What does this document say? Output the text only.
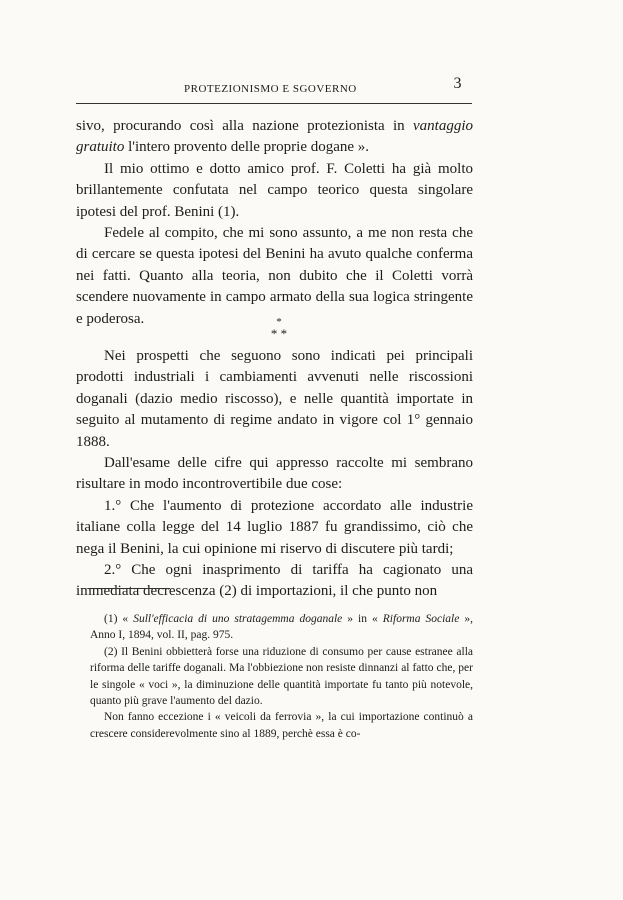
PROTEZIONISMO E SGOVERNO	3

sivo, procurando così alla nazione protezionista in vantaggio gratuito l'intero provento delle proprie dogane ».

Il mio ottimo e dotto amico prof. F. Coletti ha già molto brillantemente confutata nel campo teorico questa singolare ipotesi del prof. Benini (1).

Fedele al compito, che mi sono assunto, a me non resta che di cercare se questa ipotesi del Benini ha avuto qualche conferma nei fatti. Quanto alla teoria, non dubito che il Coletti vorrà scendere nuovamente in campo armato della sua logica stringente e poderosa.	*
* *

Nei prospetti che seguono sono indicati pei principali prodotti industriali i cambiamenti avvenuti nelle riscossioni doganali (dazio medio riscosso), e nelle quantità importate in seguito al mutamento di regime andato in vigore col 1° gennaio 1888.

Dall'esame delle cifre qui appresso raccolte mi sembrano risultare in modo incontrovertibile due cose:

1.° Che l'aumento di protezione accordato alle industrie italiane colla legge del 14 luglio 1887 fu grandissimo, ciò che nega il Benini, la cui opinione mi riservo di discutere più tardi;

2.° Che ogni inasprimento di tariffa ha cagionato una immediata decrescenza (2) di importazioni, il che punto non

(1) « Sull'efficacia di uno stratagemma doganale » in « Riforma Sociale », Anno I, 1894, vol. II, pag. 975.

(2) Il Benini obbietterà forse una riduzione di consumo per cause estranee alla riforma delle tariffe doganali. Ma l'obbiezione non resiste dinnanzi al fatto che, per le singole « voci », la diminuzione delle quantità importate fu tanto più notevole, quanto più grave l'aumento del dazio.

Non fanno eccezione i « veicoli da ferrovia », la cui importazione continuò a crescere considerevolmente sino al 1889, perchè essa è co-
